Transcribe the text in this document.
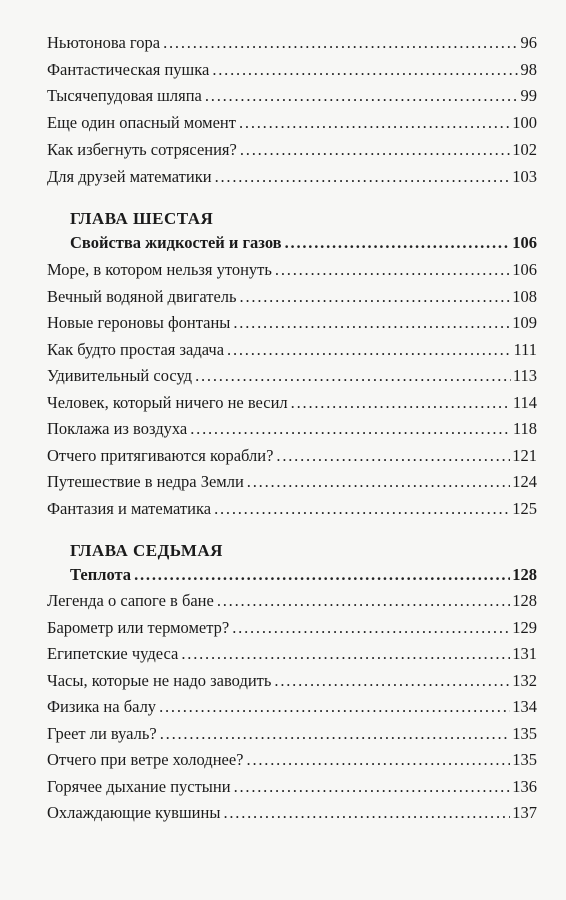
Ньютонова гора .....	96
Фантастическая пушка .....	98
Тысячепудовая шляпа .....	99
Еще один опасный момент .....	100
Как избегнуть сотрясения? .....	102
Для друзей математики .....	103
ГЛАВА ШЕСТАЯ
Свойства жидкостей и газов .....	106
Море, в котором нельзя утонуть .....	106
Вечный водяной двигатель .....	108
Новые героновы фонтаны .....	109
Как будто простая задача .....	111
Удивительный сосуд .....	113
Человек, который ничего не весил .....	114
Поклажа из воздуха .....	118
Отчего притягиваются корабли? .....	121
Путешествие в недра Земли .....	124
Фантазия и математика .....	125
ГЛАВА СЕДЬМАЯ
Теплота .....	128
Легенда о сапоге в бане .....	128
Барометр или термометр? .....	129
Египетские чудеса .....	131
Часы, которые не надо заводить .....	132
Физика на балу .....	134
Греет ли вуаль? .....	135
Отчего при ветре холоднее? .....	135
Горячее дыхание пустыни .....	136
Охлаждающие кувшины .....	137
